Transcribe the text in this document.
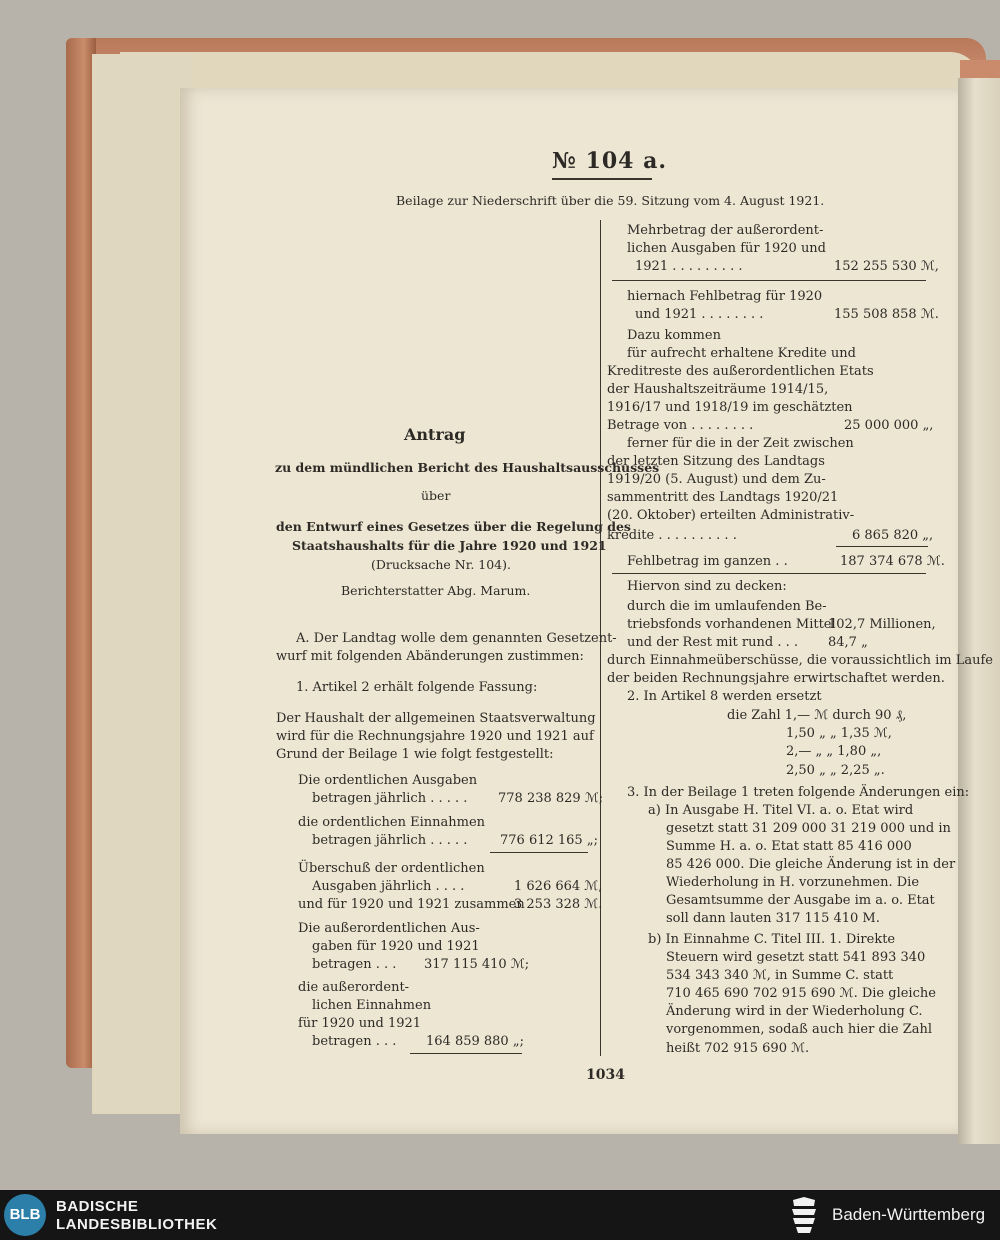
№ 104 a.
Beilage zur Niederschrift über die 59. Sitzung vom 4. August 1921.
Antrag
zu dem mündlichen Bericht des Haushaltsausschusses
über
den Entwurf eines Gesetzes über die Regelung des
Staatshaushalts für die Jahre 1920 und 1921
(Drucksache Nr. 104).
Berichterstatter Abg. Marum.
A. Der Landtag wolle dem genannten Gesetzent-
wurf mit folgenden Abänderungen zustimmen:
1. Artikel 2 erhält folgende Fassung:
Der Haushalt der allgemeinen Staatsverwaltung
wird für die Rechnungsjahre 1920 und 1921 auf
Grund der Beilage 1 wie folgt festgestellt:
Die ordentlichen Ausgaben
betragen jährlich . . . . . 778 238 829 ℳ;
die ordentlichen Einnahmen
betragen jährlich . . . . .	776 612 165 „;
Überschuß der ordentlichen
Ausgaben jährlich . . . .	1 626 664 ℳ,
und für 1920 und 1921 zusammen
3 253 328 ℳ.
Die außerordentlichen Aus-
gaben für 1920 und 1921
betragen . . . 317 115 410 ℳ;
die außerordent-
lichen Einnahmen
für 1920 und 1921
betragen . . . 164 859 880 „;
Mehrbetrag der außerordent-
lichen Ausgaben für 1920 und
1921 . . . . . . . . .	152 255 530 ℳ,
hiernach Fehlbetrag für 1920
und 1921 . . . . . . . .	155 508 858 ℳ.
Dazu kommen
für aufrecht erhaltene Kredite und
Kreditreste des außerordentlichen Etats
der Haushaltszeiträume 1914/15,
1916/17 und 1918/19 im geschätzten
Betrage von . . . . . . . .	25 000 000 „,
ferner für die in der Zeit zwischen
der letzten Sitzung des Landtags
1919/20 (5. August) und dem Zu-
sammentritt des Landtags 1920/21
(20. Oktober) erteilten Administrativ-
kredite . . . . . . . . . .	6 865 820 „,
Fehlbetrag im ganzen . .	187 374 678 ℳ.
Hiervon sind zu decken:
durch die im umlaufenden Be-
triebsfonds vorhandenen Mittel
102,7 Millionen,
und der Rest mit rund . . . 84,7 „
durch Einnahmeüberschüsse, die voraussichtlich im Laufe
der beiden Rechnungsjahre erwirtschaftet werden.
2. In Artikel 8 werden ersetzt
die Zahl 1,— ℳ durch 90 ₰,
1,50 „ „ 1,35 ℳ,
2,— „ „ 1,80 „,
2,50 „ „ 2,25 „.
3. In der Beilage 1 treten folgende Änderungen ein:
a) In Ausgabe H. Titel VI. a. o. Etat wird
gesetzt statt 31 209 000 31 219 000 und in
Summe H. a. o. Etat statt 85 416 000
85 426 000. Die gleiche Änderung ist in der
Wiederholung in H. vorzunehmen. Die
Gesamtsumme der Ausgabe im a. o. Etat
soll dann lauten 317 115 410 M.
b) In Einnahme C. Titel III. 1. Direkte
Steuern wird gesetzt statt 541 893 340
534 343 340 ℳ, in Summe C. statt
710 465 690 702 915 690 ℳ. Die gleiche
Änderung wird in der Wiederholung C.
vorgenommen, sodaß auch hier die Zahl
heißt 702 915 690 ℳ.
1034
BLB	BADISCHE
LANDESBIBLIOTHEK
Baden-Württemberg
